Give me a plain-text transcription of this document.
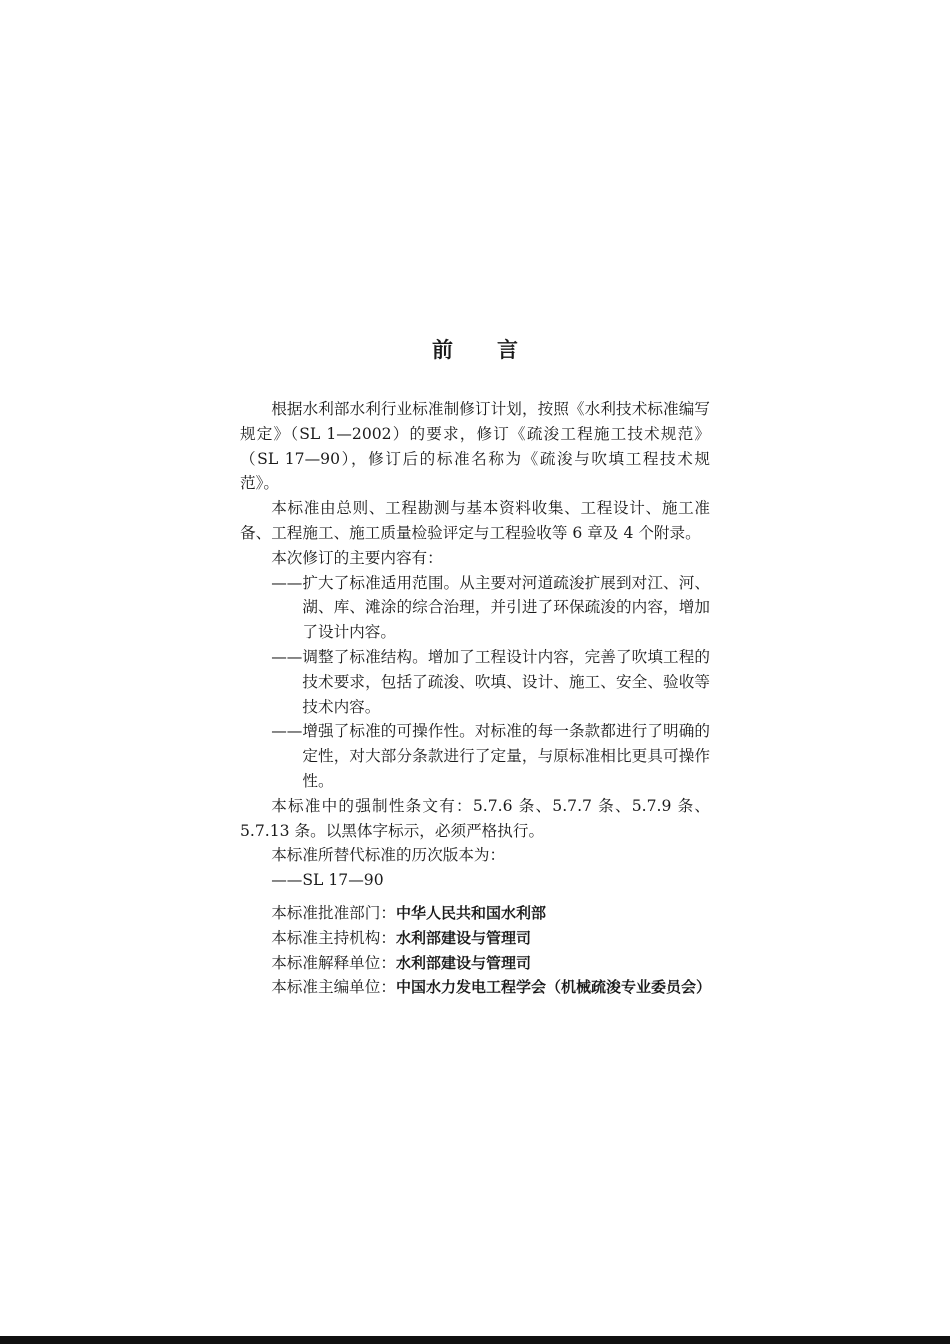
前言

根据水利部水利行业标准制修订计划，按照《水利技术标准编写规定》（SL 1—2002）的要求，修订《疏浚工程施工技术规范》（SL 17—90），修订后的标准名称为《疏浚与吹填工程技术规范》。

本标准由总则、工程勘测与基本资料收集、工程设计、施工准备、工程施工、施工质量检验评定与工程验收等 6 章及 4 个附录。

本次修订的主要内容有：

—— 扩大了标准适用范围。从主要对河道疏浚扩展到对江、河、湖、库、滩涂的综合治理，并引进了环保疏浚的内容，增加了设计内容。
—— 调整了标准结构。增加了工程设计内容，完善了吹填工程的技术要求，包括了疏浚、吹填、设计、施工、安全、验收等技术内容。
—— 增强了标准的可操作性。对标准的每一条款都进行了明确的定性，对大部分条款进行了定量，与原标准相比更具可操作性。

本标准中的强制性条文有：5.7.6 条、5.7.7 条、5.7.9 条、5.7.13 条。以黑体字标示，必须严格执行。

本标准所替代标准的历次版本为：

——SL 17—90

本标准批准部门： 中华人民共和国水利部
本标准主持机构： 水利部建设与管理司
本标准解释单位： 水利部建设与管理司
本标准主编单位： 中国水力发电工程学会（机械疏浚专业委员会）
